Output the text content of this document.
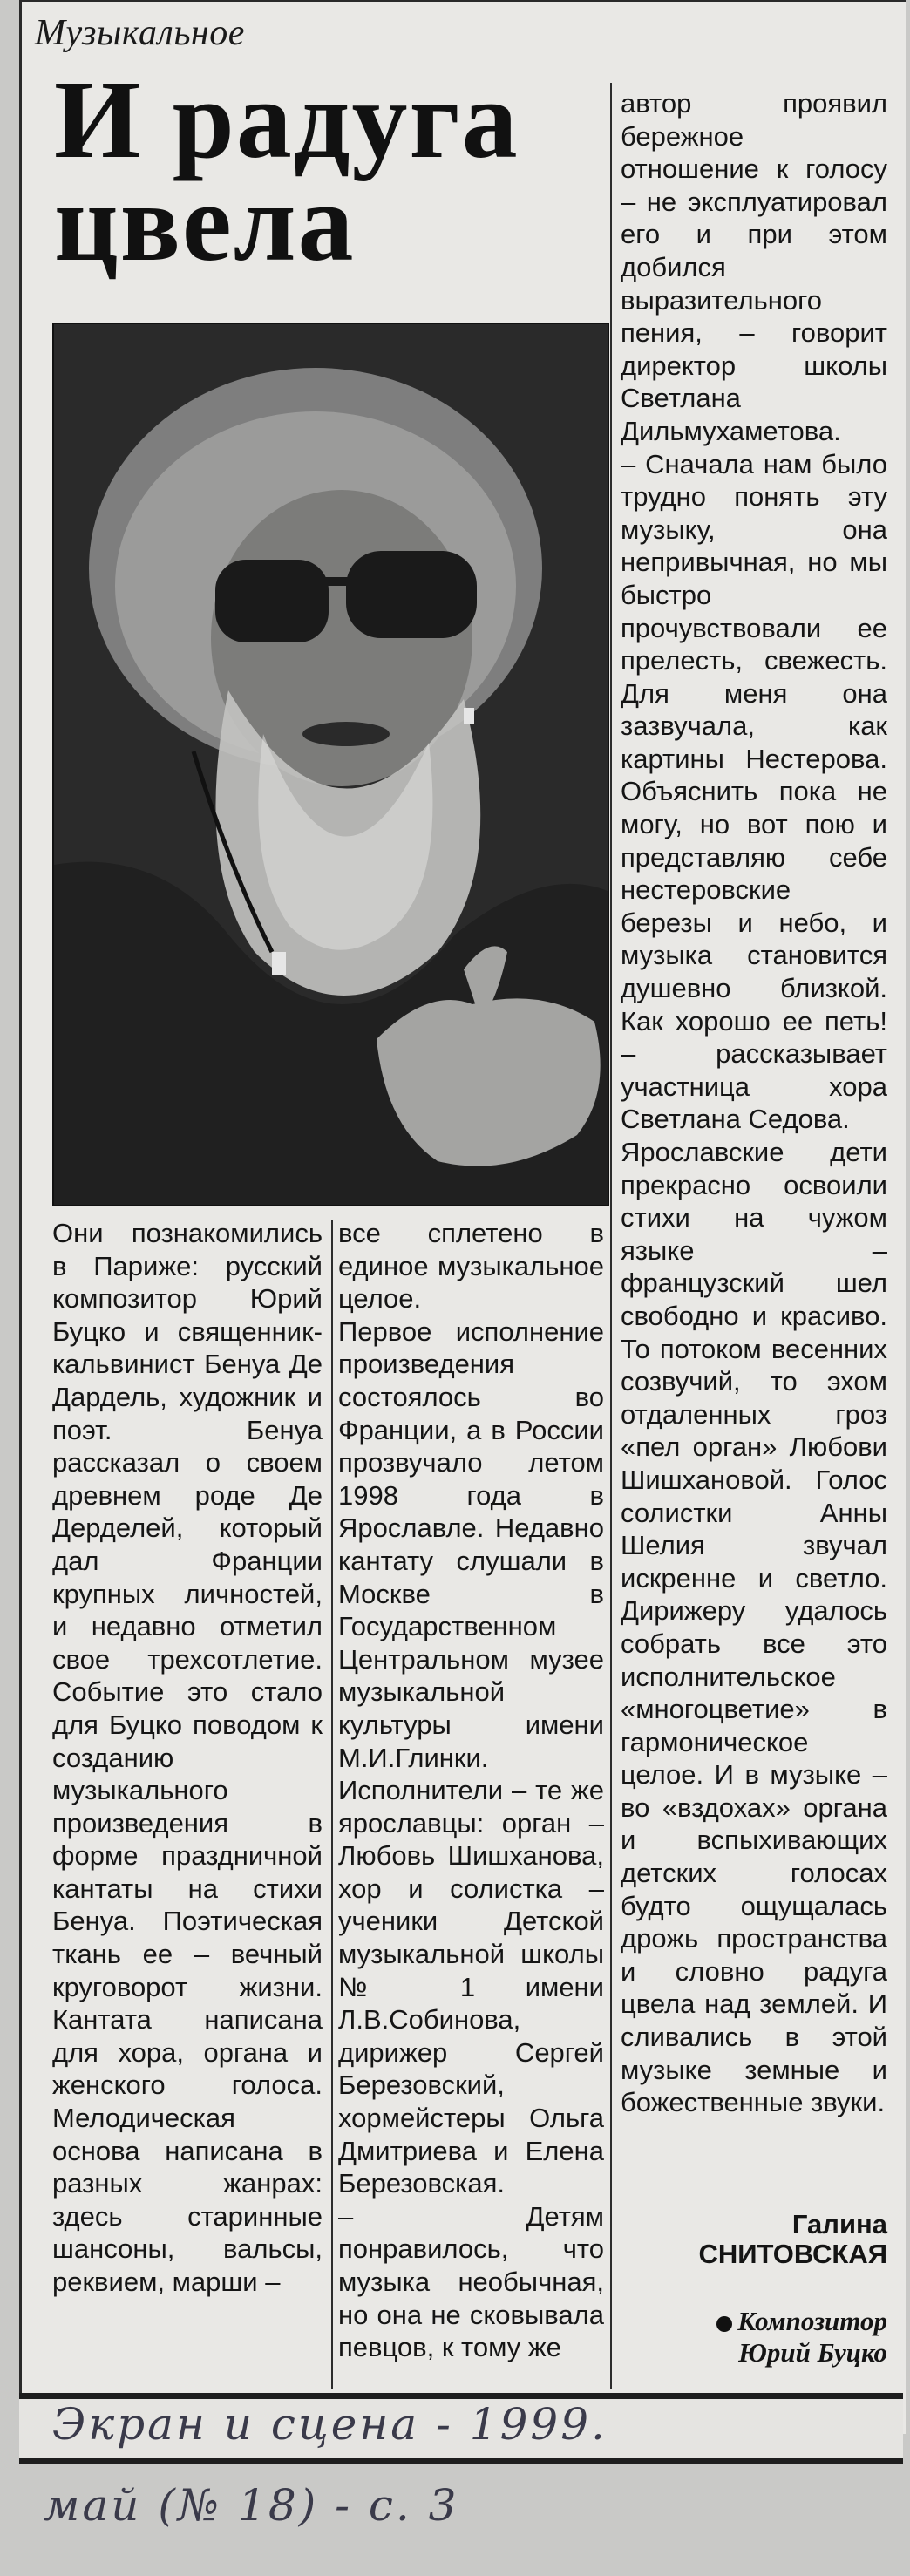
Музыкальное
И радуга цвела
Они познакомились в Париже: русский композитор Юрий Буцко и священник-кальвинист Бенуа Де Дардель, художник и поэт. Бенуа рассказал о своем древнем роде Де Дерделей, который дал Франции крупных личностей, и недавно отметил свое трехсотлетие. Событие это стало для Буцко поводом к созданию музыкального произведения в форме праздничной кантаты на стихи Бенуа. Поэтическая ткань ее – вечный круговорот жизни. Кантата написана для хора, органа и женского голоса. Мелодическая основа написана в разных жанрах: здесь старинные шансоны, вальсы, реквием, марши –
все сплетено в единое музыкальное целое.
Первое исполнение произведения состоялось во Франции, а в России прозвучало летом 1998 года в Ярославле. Недавно кантату слушали в Москве в Государственном Центральном музее музыкальной культуры имени М.И.Глинки. Исполнители – те же ярославцы: орган – Любовь Шишханова, хор и солистка – ученики Детской музыкальной школы № 1 имени Л.В.Собинова, дирижер Сергей Березовский, хормейстеры Ольга Дмитриева и Елена Березовская.
– Детям понравилось, что музыка необычная, но она не сковывала певцов, к тому же
автор проявил бережное отношение к голосу – не эксплуатировал его и при этом добился выразительного пения, – говорит директор школы Светлана Дильмухаметова.
– Сначала нам было трудно понять эту музыку, она непривычная, но мы быстро прочувствовали ее прелесть, свежесть. Для меня она зазвучала, как картины Нестерова. Объяснить пока не могу, но вот пою и представляю себе нестеровские березы и небо, и музыка становится душевно близкой. Как хорошо ее петь! – рассказывает участница хора Светлана Седова.
Ярославские дети прекрасно освоили стихи на чужом языке – французский шел свободно и красиво. То потоком весенних созвучий, то эхом отдаленных гроз «пел орган» Любови Шишхановой. Голос солистки Анны Шелия звучал искренне и светло. Дирижеру удалось собрать все это исполнительское «многоцветие» в гармоническое целое. И в музыке – во «вздохах» органа и вспыхивающих детских голосах будто ощущалась дрожь пространства и словно радуга цвела над землей. И сливались в этой музыке земные и божественные звуки.
Галина
СНИТОВСКАЯ
Композитор
Юрий Буцко
Экран и сцена - 1999.
май (№ 18) - с. 3
